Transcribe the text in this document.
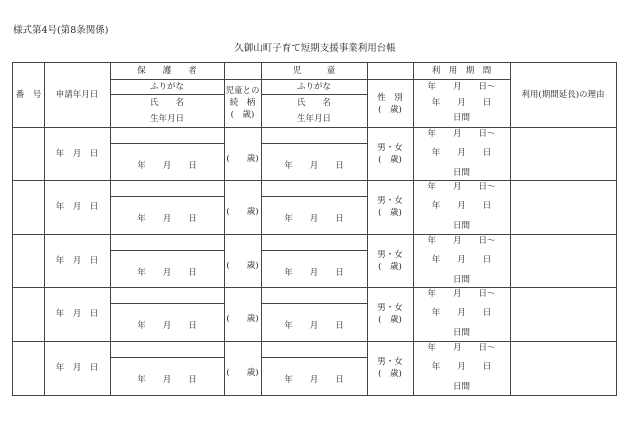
様式第4号(第8条関係)
久御山町子育て短期支援事業利用台帳
番　号	申請年月日
保　　護　　者
ふりがな
氏　　名
生年月日
児童との
続　柄
(　歳)
児　　　童
ふりがな
氏　　名
生年月日
性　別
(　歳)
利　用　期　間
年　　月　　日〜
年　　月　　日
日間
利用(期間延長)の理由
年　月　日
年　　月　　日
(　　歳)
年　　月　　日
男・女
(　歳)
年　　月　　日〜
年　　月　　日
日間
年　月　日
年　　月　　日
(　　歳)
年　　月　　日
男・女
(　歳)
年　　月　　日〜
年　　月　　日
日間
年　月　日
年　　月　　日
(　　歳)
年　　月　　日
男・女
(　歳)
年　　月　　日〜
年　　月　　日
日間
年　月　日
年　　月　　日
(　　歳)
年　　月　　日
男・女
(　歳)
年　　月　　日〜
年　　月　　日
日間
年　月　日
年　　月　　日
(　　歳)
年　　月　　日
男・女
(　歳)
年　　月　　日〜
年　　月　　日
日間
